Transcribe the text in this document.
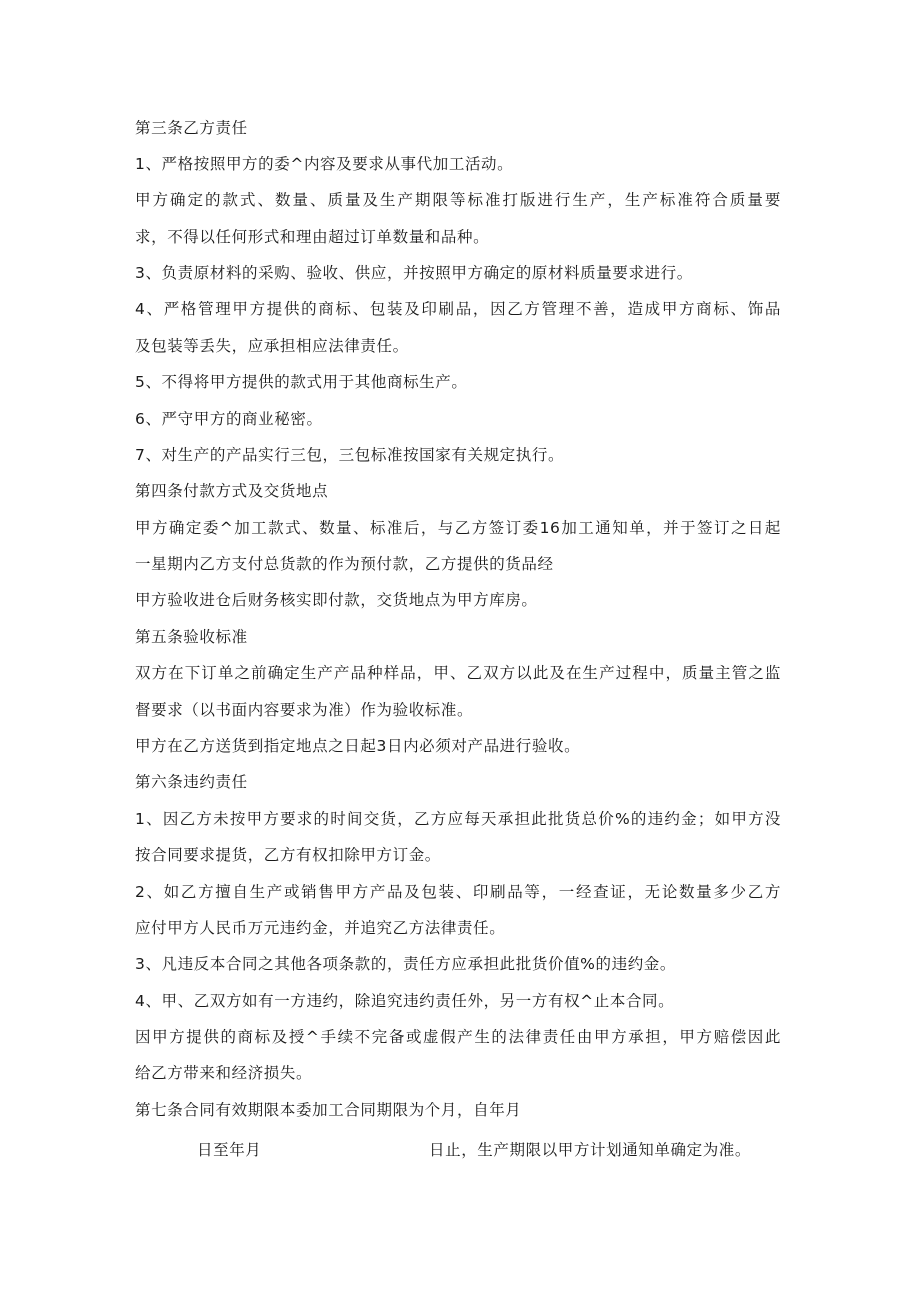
第三条乙方责任
1、严格按照甲方的委^内容及要求从事代加工活动。
甲方确定的款式、数量、质量及生产期限等标准打版进行生产，生产标准符合质量要
求，不得以任何形式和理由超过订单数量和品种。
3、负责原材料的采购、验收、供应，并按照甲方确定的原材料质量要求进行。
4、严格管理甲方提供的商标、包装及印刷品，因乙方管理不善，造成甲方商标、饰品
及包装等丢失，应承担相应法律责任。
5、不得将甲方提供的款式用于其他商标生产。
6、严守甲方的商业秘密。
7、对生产的产品实行三包，三包标准按国家有关规定执行。
第四条付款方式及交货地点
甲方确定委^加工款式、数量、标准后，与乙方签订委16加工通知单，并于签订之日起
一星期内乙方支付总货款的作为预付款，乙方提供的货品经
甲方验收进仓后财务核实即付款，交货地点为甲方库房。
第五条验收标准
双方在下订单之前确定生产产品种样品，甲、乙双方以此及在生产过程中，质量主管之监
督要求（以书面内容要求为准）作为验收标准。
甲方在乙方送货到指定地点之日起3日内必须对产品进行验收。
第六条违约责任
1、因乙方未按甲方要求的时间交货，乙方应每天承担此批货总价%的违约金；如甲方没
按合同要求提货，乙方有权扣除甲方订金。
2、如乙方擅自生产或销售甲方产品及包装、印刷品等，一经查证，无论数量多少乙方
应付甲方人民币万元违约金，并追究乙方法律责任。
3、凡违反本合同之其他各项条款的，责任方应承担此批货价值%的违约金。
4、甲、乙双方如有一方违约，除追究违约责任外，另一方有权^止本合同。
因甲方提供的商标及授^手续不完备或虚假产生的法律责任由甲方承担，甲方赔偿因此
给乙方带来和经济损失。
第七条合同有效期限本委加工合同期限为个月，自年月
日至年月	日止，生产期限以甲方计划通知单确定为准。
